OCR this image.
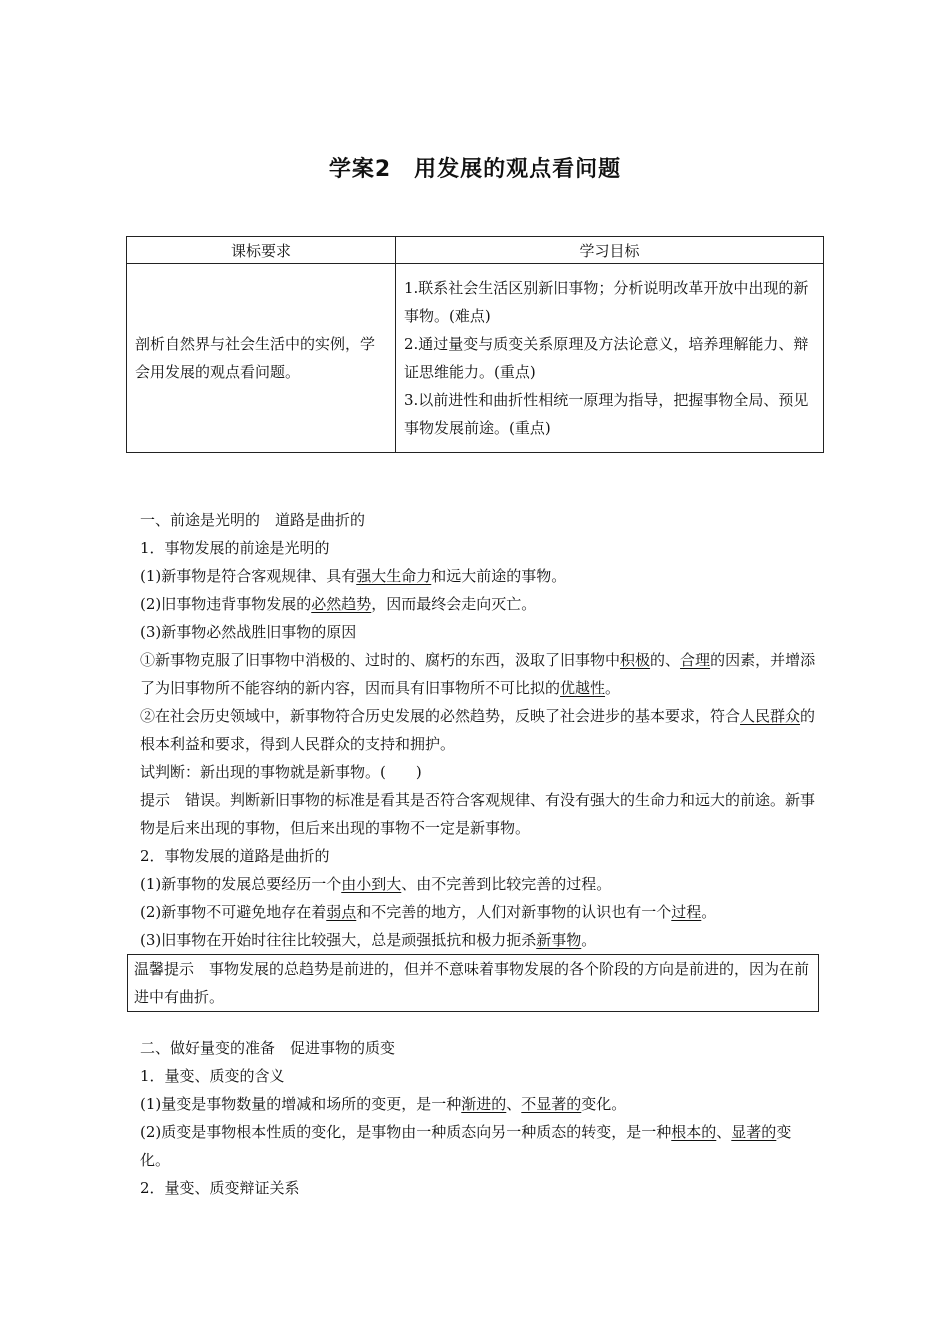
学案2　用发展的观点看问题
课标要求	学习目标
剖析自然界与社会生活中的实例，学会用发展的观点看问题。	1.联系社会生活区别新旧事物；分析说明改革开放中出现的新事物。(难点)
2.通过量变与质变关系原理及方法论意义，培养理解能力、辩证思维能力。(重点)
3.以前进性和曲折性相统一原理为指导，把握事物全局、预见事物发展前途。(重点)

一、前途是光明的　道路是曲折的

1．事物发展的前途是光明的

(1)新事物是符合客观规律、具有强大生命力和远大前途的事物。

(2)旧事物违背事物发展的必然趋势，因而最终会走向灭亡。

(3)新事物必然战胜旧事物的原因

①新事物克服了旧事物中消极的、过时的、腐朽的东西，汲取了旧事物中积极的、合理的因素，并增添了为旧事物所不能容纳的新内容，因而具有旧事物所不可比拟的优越性。

②在社会历史领域中，新事物符合历史发展的必然趋势，反映了社会进步的基本要求，符合人民群众的根本利益和要求，得到人民群众的支持和拥护。

试判断：新出现的事物就是新事物。(　　)

提示　错误。判断新旧事物的标准是看其是否符合客观规律、有没有强大的生命力和远大的前途。新事物是后来出现的事物，但后来出现的事物不一定是新事物。

2．事物发展的道路是曲折的

(1)新事物的发展总要经历一个由小到大、由不完善到比较完善的过程。

(2)新事物不可避免地存在着弱点和不完善的地方，人们对新事物的认识也有一个过程。

(3)旧事物在开始时往往比较强大，总是顽强抵抗和极力扼杀新事物。

温馨提示　事物发展的总趋势是前进的，但并不意味着事物发展的各个阶段的方向是前进的，因为在前进中有曲折。

二、做好量变的准备　促进事物的质变

1．量变、质变的含义

(1)量变是事物数量的增减和场所的变更，是一种渐进的、不显著的变化。

(2)质变是事物根本性质的变化，是事物由一种质态向另一种质态的转变，是一种根本的、显著的变化。

2．量变、质变辩证关系
